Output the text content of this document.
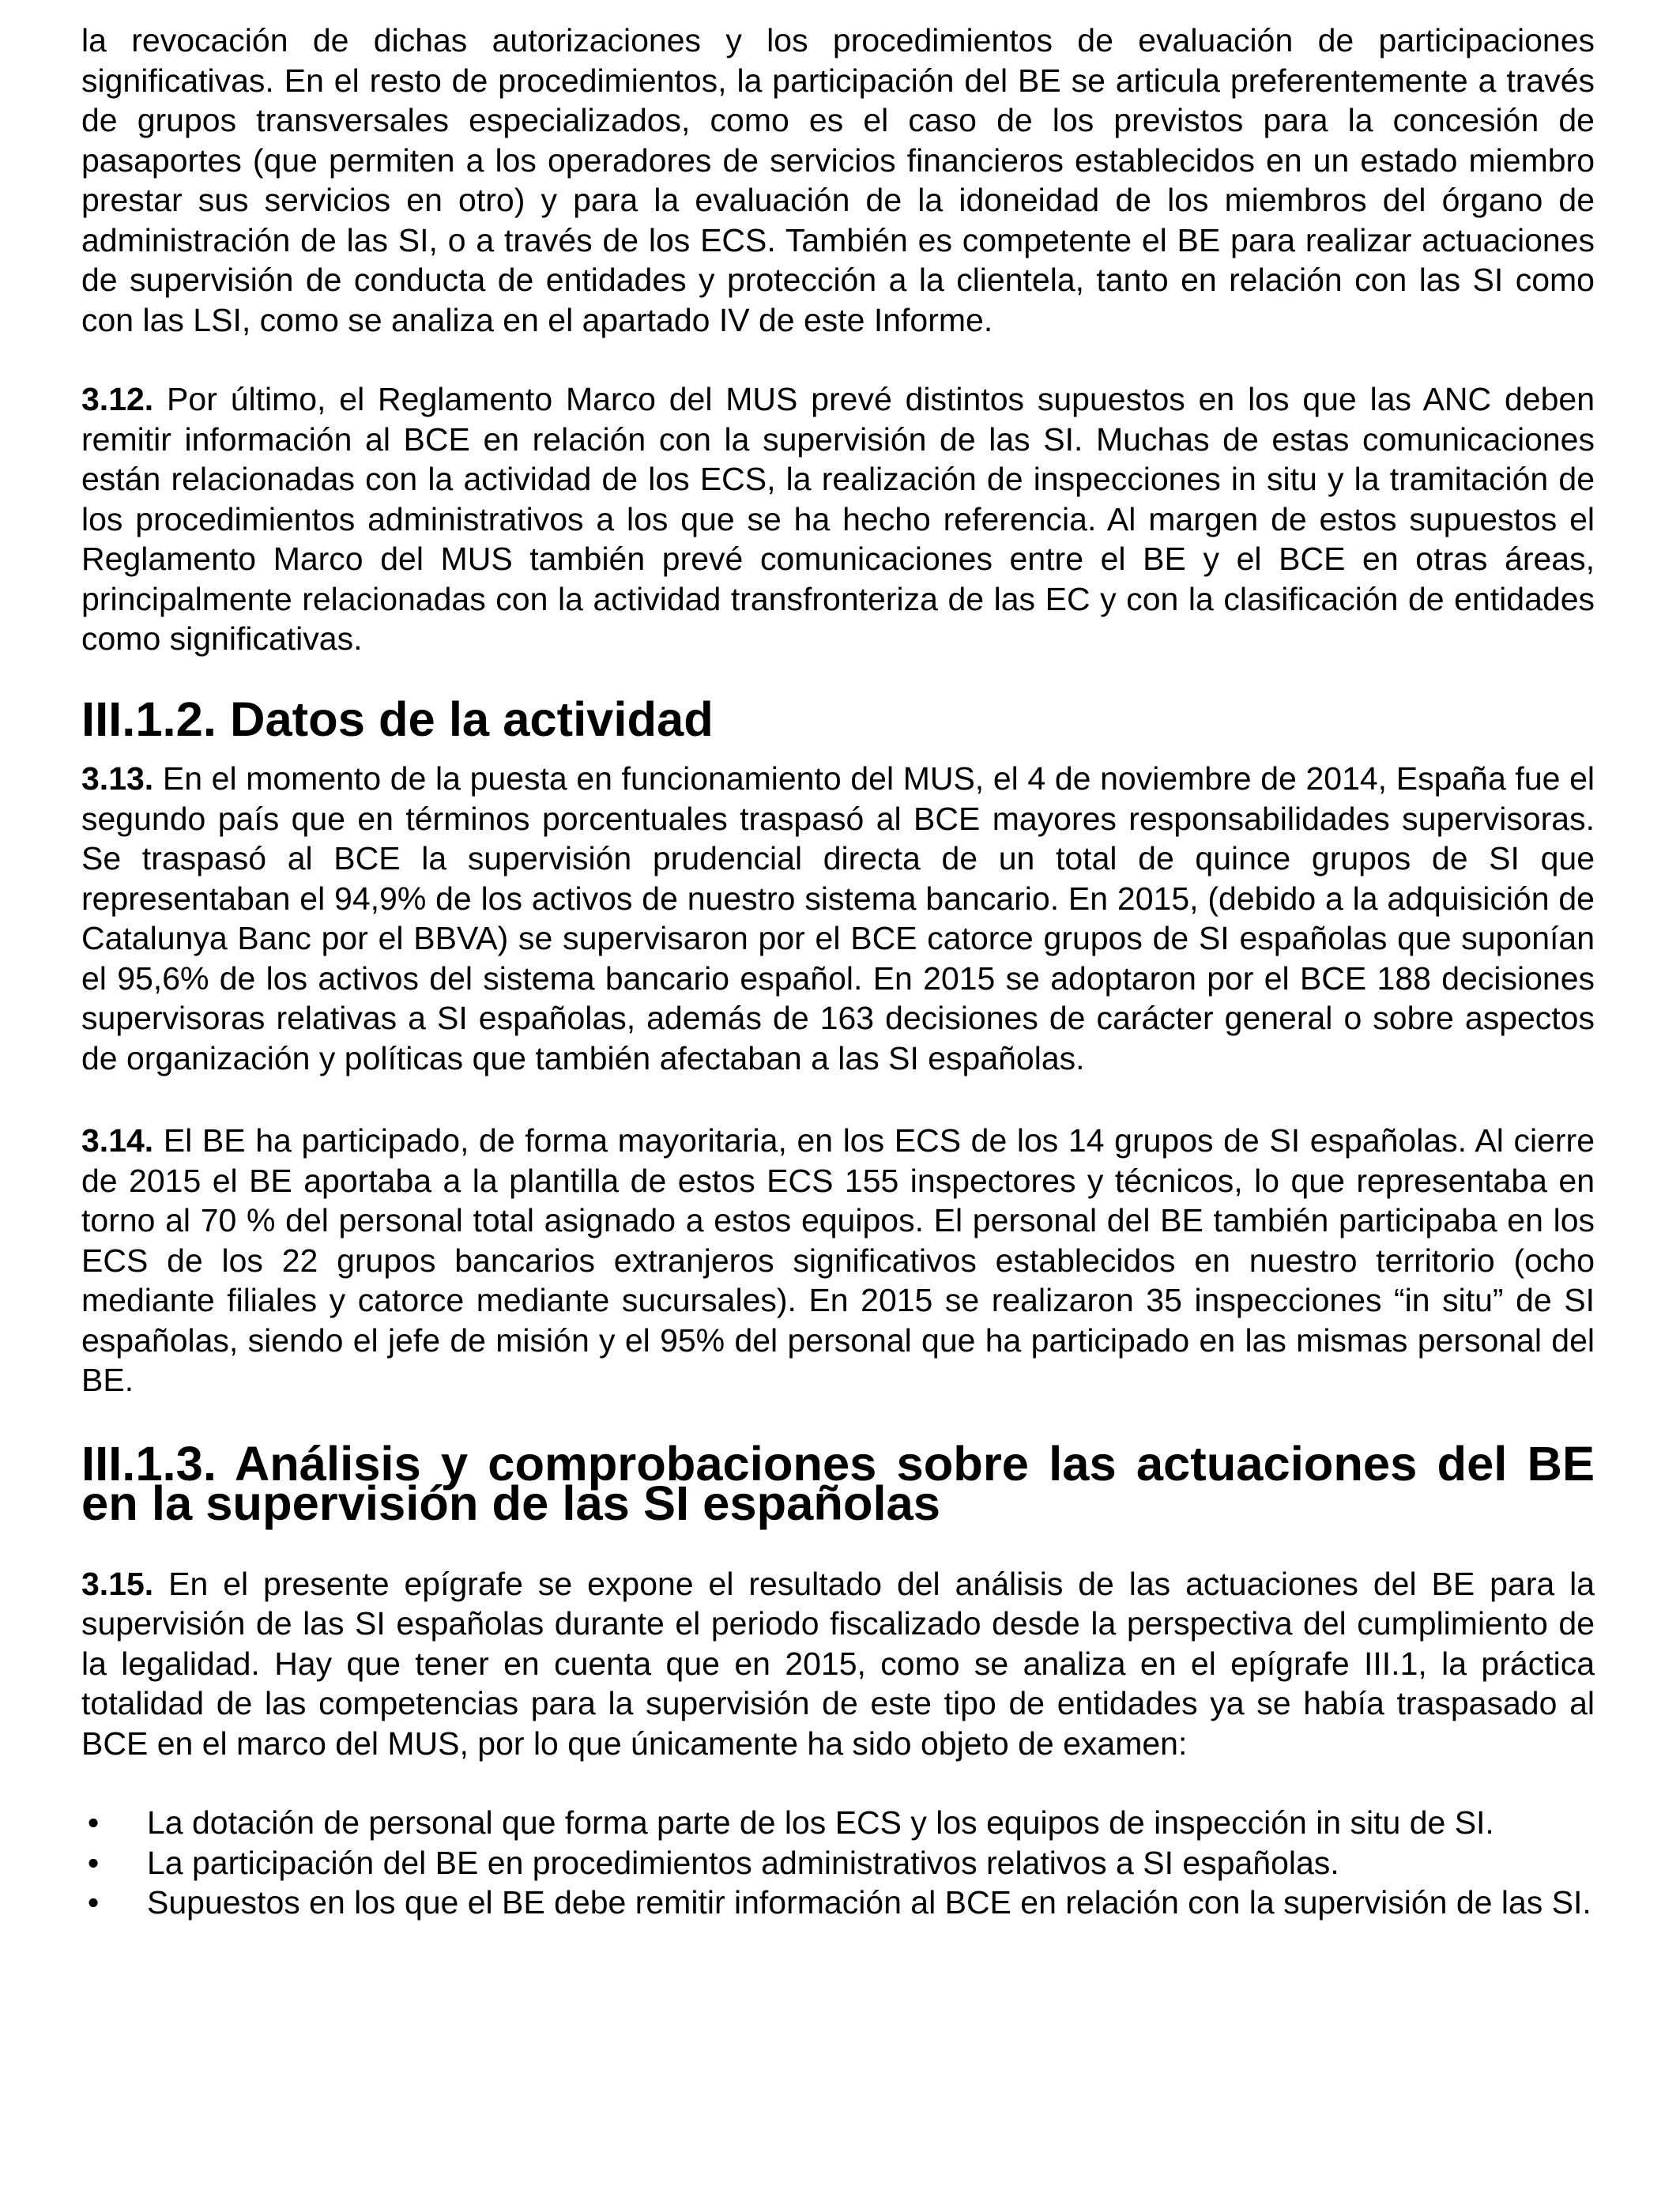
la revocación de dichas autorizaciones y los procedimientos de evaluación de participaciones significativas. En el resto de procedimientos, la participación del BE se articula preferentemente a través de grupos transversales especializados, como es el caso de los previstos para la concesión de pasaportes (que permiten a los operadores de servicios financieros establecidos en un estado miembro prestar sus servicios en otro) y para la evaluación de la idoneidad de los miembros del órgano de administración de las SI, o a través de los ECS. También es competente el BE para realizar actuaciones de supervisión de conducta de entidades y protección a la clientela, tanto en relación con las SI como con las LSI, como se analiza en el apartado IV de este Informe.

3.12. Por último, el Reglamento Marco del MUS prevé distintos supuestos en los que las ANC deben remitir información al BCE en relación con la supervisión de las SI. Muchas de estas comunicaciones están relacionadas con la actividad de los ECS, la realización de inspecciones in situ y la tramitación de los procedimientos administrativos a los que se ha hecho referencia. Al margen de estos supuestos el Reglamento Marco del MUS también prevé comunicaciones entre el BE y el BCE en otras áreas, principalmente relacionadas con la actividad transfronteriza de las EC y con la clasificación de entidades como significativas.

III.1.2. Datos de la actividad

3.13. En el momento de la puesta en funcionamiento del MUS, el 4 de noviembre de 2014, España fue el segundo país que en términos porcentuales traspasó al BCE mayores responsabilidades supervisoras. Se traspasó al BCE la supervisión prudencial directa de un total de quince grupos de SI que representaban el 94,9% de los activos de nuestro sistema bancario. En 2015, (debido a la adquisición de Catalunya Banc por el BBVA) se supervisaron por el BCE catorce grupos de SI españolas que suponían el 95,6% de los activos del sistema bancario español. En 2015 se adoptaron por el BCE 188 decisiones supervisoras relativas a SI españolas, además de 163 decisiones de carácter general o sobre aspectos de organización y políticas que también afectaban a las SI españolas.

3.14. El BE ha participado, de forma mayoritaria, en los ECS de los 14 grupos de SI españolas. Al cierre de 2015 el BE aportaba a la plantilla de estos ECS 155 inspectores y técnicos, lo que representaba en torno al 70 % del personal total asignado a estos equipos. El personal del BE también participaba en los ECS de los 22 grupos bancarios extranjeros significativos establecidos en nuestro territorio (ocho mediante filiales y catorce mediante sucursales). En 2015 se realizaron 35 inspecciones “in situ” de SI españolas, siendo el jefe de misión y el 95% del personal que ha participado en las mismas personal del BE.

III.1.3. Análisis y comprobaciones sobre las actuaciones del BE en la supervisión de las SI españolas

3.15. En el presente epígrafe se expone el resultado del análisis de las actuaciones del BE para la supervisión de las SI españolas durante el periodo fiscalizado desde la perspectiva del cumplimiento de la legalidad. Hay que tener en cuenta que en 2015, como se analiza en el epígrafe III.1, la práctica totalidad de las competencias para la supervisión de este tipo de entidades ya se había traspasado al BCE en el marco del MUS, por lo que únicamente ha sido objeto de examen:

• La dotación de personal que forma parte de los ECS y los equipos de inspección in situ de SI.
• La participación del BE en procedimientos administrativos relativos a SI españolas.
• Supuestos en los que el BE debe remitir información al BCE en relación con la supervisión de las SI.
